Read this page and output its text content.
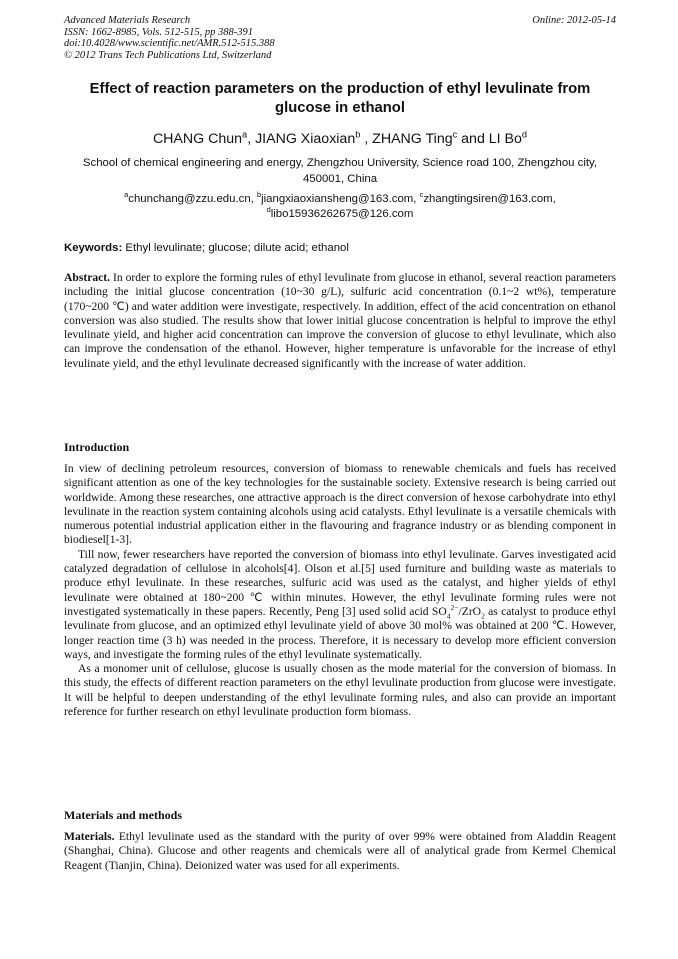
Advanced Materials Research
ISSN: 1662-8985, Vols. 512-515, pp 388-391
doi:10.4028/www.scientific.net/AMR.512-515.388
© 2012 Trans Tech Publications Ltd, Switzerland
Online: 2012-05-14
Effect of reaction parameters on the production of ethyl levulinate from glucose in ethanol
CHANG Chun$^a$, JIANG Xiaoxian$^b$ , ZHANG Ting$^c$ and LI Bo$^d$
School of chemical engineering and energy, Zhengzhou University, Science road 100, Zhengzhou city, 450001, China
$^a$chunchang@zzu.edu.cn, $^b$jiangxiaoxiansheng@163.com, $^c$zhangtingsiren@163.com,
$^d$libo15936262675@126.com
Keywords: Ethyl levulinate; glucose; dilute acid; ethanol
Abstract. In order to explore the forming rules of ethyl levulinate from glucose in ethanol, several reaction parameters including the initial glucose concentration (10~30 g/L), sulfuric acid concentration (0.1~2 wt%), temperature (170~200 ℃) and water addition were investigate, respectively. In addition, effect of the acid concentration on ethanol conversion was also studied. The results show that lower initial glucose concentration is helpful to improve the ethyl levulinate yield, and higher acid concentration can improve the conversion of glucose to ethyl levulinate, which also can improve the condensation of the ethanol. However, higher temperature is unfavorable for the increase of ethyl levulinate yield, and the ethyl levulinate decreased significantly with the increase of water addition.
Introduction

In view of declining petroleum resources, conversion of biomass to renewable chemicals and fuels has received significant attention as one of the key technologies for the sustainable society. Extensive research is being carried out worldwide. Among these researches, one attractive approach is the direct conversion of hexose carbohydrate into ethyl levulinate in the reaction system containing alcohols using acid catalysts. Ethyl levulinate is a versatile chemicals with numerous potential industrial application either in the flavouring and fragrance industry or as blending component in biodiesel[1-3].

Till now, fewer researchers have reported the conversion of biomass into ethyl levulinate. Garves investigated acid catalyzed degradation of cellulose in alcohols[4]. Olson et al.[5] used furniture and building waste as materials to produce ethyl levulinate. In these researches, sulfuric acid was used as the catalyst, and higher yields of ethyl levulinate were obtained at 180~200 ℃ within minutes. However, the ethyl levulinate forming rules were not investigated systematically in these papers. Recently, Peng [3] used solid acid $SO_4^{2-}/ZrO_2$ as catalyst to produce ethyl levulinate from glucose, and an optimized ethyl levulinate yield of above 30 mol% was obtained at 200 ℃. However, longer reaction time (3 h) was needed in the process. Therefore, it is necessary to develop more efficient conversion ways, and investigate the forming rules of the ethyl levulinate systematically.

As a monomer unit of cellulose, glucose is usually chosen as the mode material for the conversion of biomass. In this study, the effects of different reaction parameters on the ethyl levulinate production from glucose were investigate. It will be helpful to deepen understanding of the ethyl levulinate forming rules, and also can provide an important reference for further research on ethyl levulinate production form biomass.

Materials and methods
Materials. Ethyl levulinate used as the standard with the purity of over 99% were obtained from Aladdin Reagent (Shanghai, China). Glucose and other reagents and chemicals were all of analytical grade from Kermel Chemical Reagent (Tianjin, China). Deionized water was used for all experiments.
